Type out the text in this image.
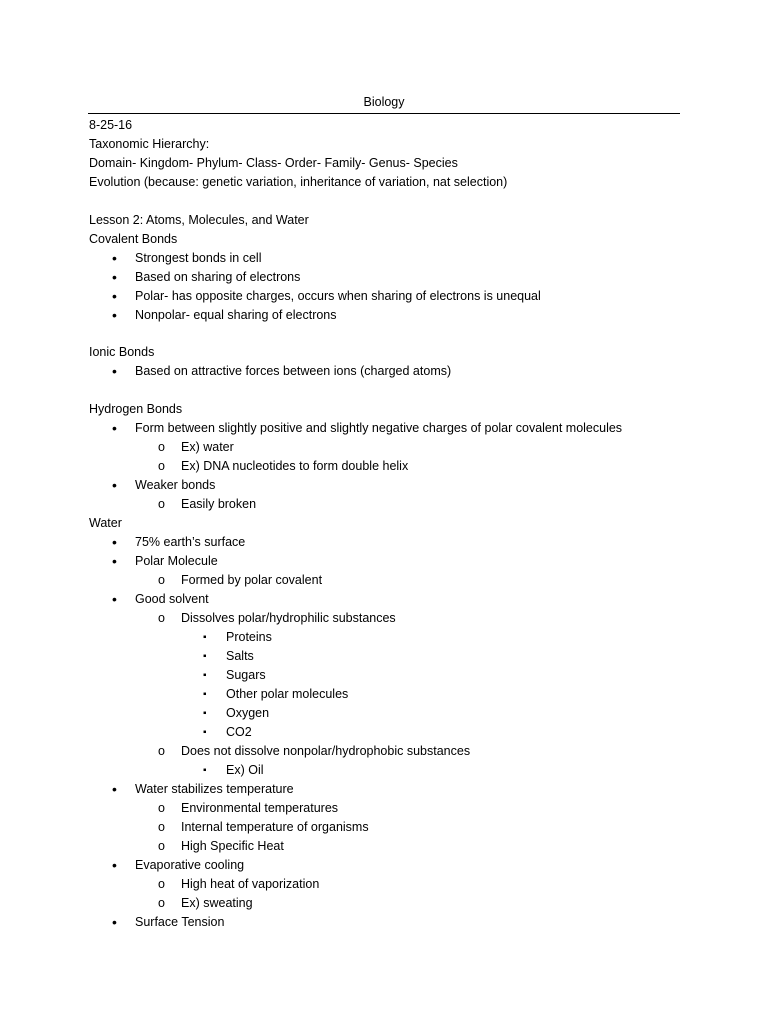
Biology
8-25-16
Taxonomic Hierarchy:
Domain- Kingdom- Phylum- Class- Order- Family- Genus- Species
Evolution (because: genetic variation, inheritance of variation, nat selection)
Lesson 2: Atoms, Molecules, and Water
Covalent Bonds
• Strongest bonds in cell
• Based on sharing of electrons
• Polar- has opposite charges, occurs when sharing of electrons is unequal
• Nonpolar- equal sharing of electrons
Ionic Bonds
• Based on attractive forces between ions (charged atoms)
Hydrogen Bonds
• Form between slightly positive and slightly negative charges of polar covalent molecules
o Ex) water
o Ex) DNA nucleotides to form double helix
• Weaker bonds
o Easily broken
Water
• 75% earth’s surface
• Polar Molecule
o Formed by polar covalent
• Good solvent
o Dissolves polar/hydrophilic substances
▪ Proteins
▪ Salts
▪ Sugars
▪ Other polar molecules
▪ Oxygen
▪ CO2
o Does not dissolve nonpolar/hydrophobic substances
▪ Ex) Oil
• Water stabilizes temperature
o Environmental temperatures
o Internal temperature of organisms
o High Specific Heat
• Evaporative cooling
o High heat of vaporization
o Ex) sweating
• Surface Tension
